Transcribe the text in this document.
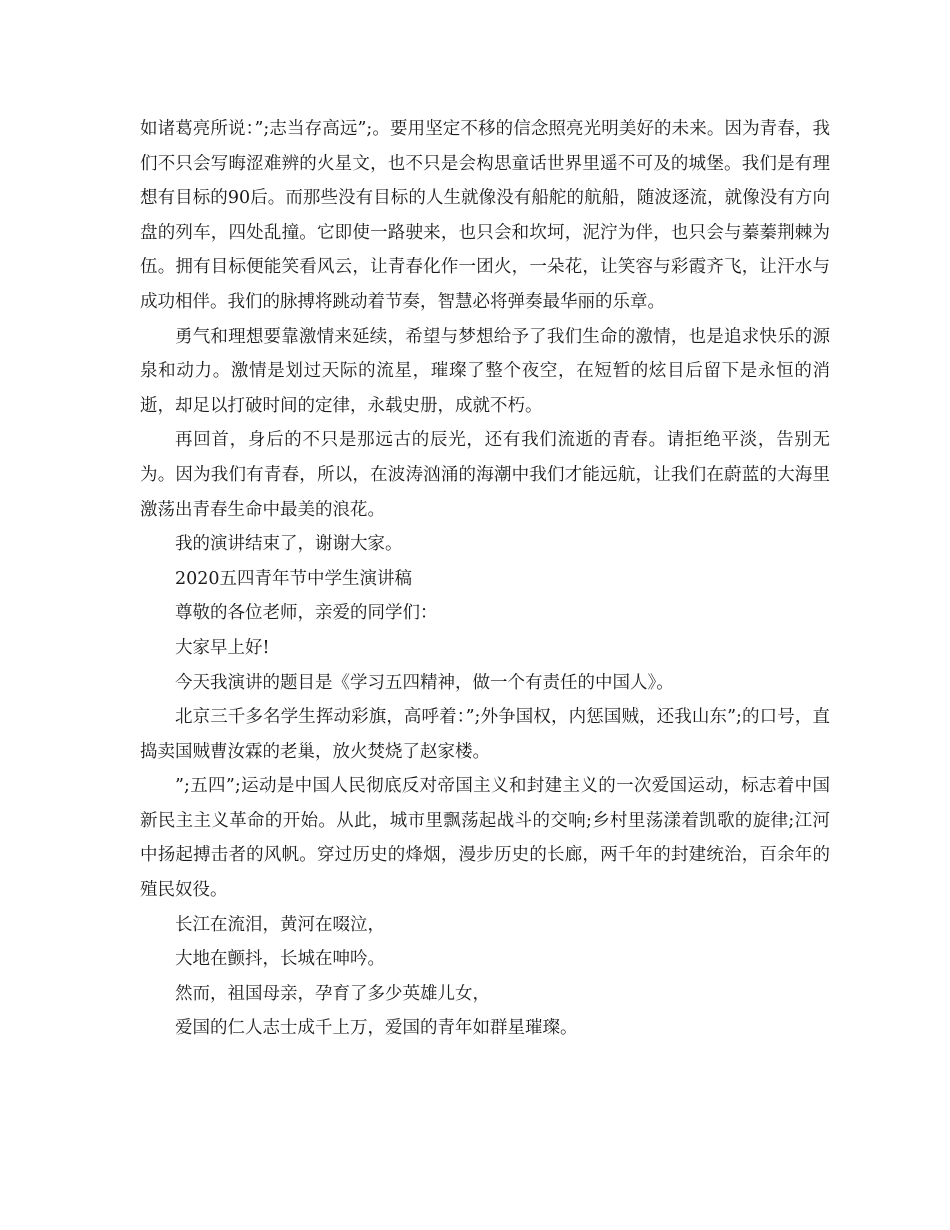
如诸葛亮所说：”;志当存高远”;。要用坚定不移的信念照亮光明美好的未来。因为青春，我们不只会写晦涩难辨的火星文，也不只是会构思童话世界里遥不可及的城堡。我们是有理想有目标的90后。而那些没有目标的人生就像没有船舵的航船，随波逐流，就像没有方向盘的列车，四处乱撞。它即使一路驶来，也只会和坎坷，泥泞为伴，也只会与蓁蓁荆棘为伍。拥有目标便能笑看风云，让青春化作一团火，一朵花，让笑容与彩霞齐飞，让汗水与成功相伴。我们的脉搏将跳动着节奏，智慧必将弹奏最华丽的乐章。

勇气和理想要靠激情来延续，希望与梦想给予了我们生命的激情，也是追求快乐的源泉和动力。激情是划过天际的流星，璀璨了整个夜空，在短暂的炫目后留下是永恒的消逝，却足以打破时间的定律，永载史册，成就不朽。

再回首，身后的不只是那远古的辰光，还有我们流逝的青春。请拒绝平淡，告别无为。因为我们有青春，所以，在波涛汹涌的海潮中我们才能远航，让我们在蔚蓝的大海里激荡出青春生命中最美的浪花。

我的演讲结束了，谢谢大家。

2020五四青年节中学生演讲稿

尊敬的各位老师，亲爱的同学们：

大家早上好!

今天我演讲的题目是《学习五四精神，做一个有责任的中国人》。

北京三千多名学生挥动彩旗，高呼着：”;外争国权，内惩国贼，还我山东”;的口号，直捣卖国贼曹汝霖的老巢，放火焚烧了赵家楼。

”;五四”;运动是中国人民彻底反对帝国主义和封建主义的一次爱国运动，标志着中国新民主主义革命的开始。从此，城市里飘荡起战斗的交响;乡村里荡漾着凯歌的旋律;江河中扬起搏击者的风帆。穿过历史的烽烟，漫步历史的长廊，两千年的封建统治，百余年的殖民奴役。

长江在流泪，黄河在啜泣，

大地在颤抖，长城在呻吟。

然而，祖国母亲，孕育了多少英雄儿女，

爱国的仁人志士成千上万，爱国的青年如群星璀璨。
